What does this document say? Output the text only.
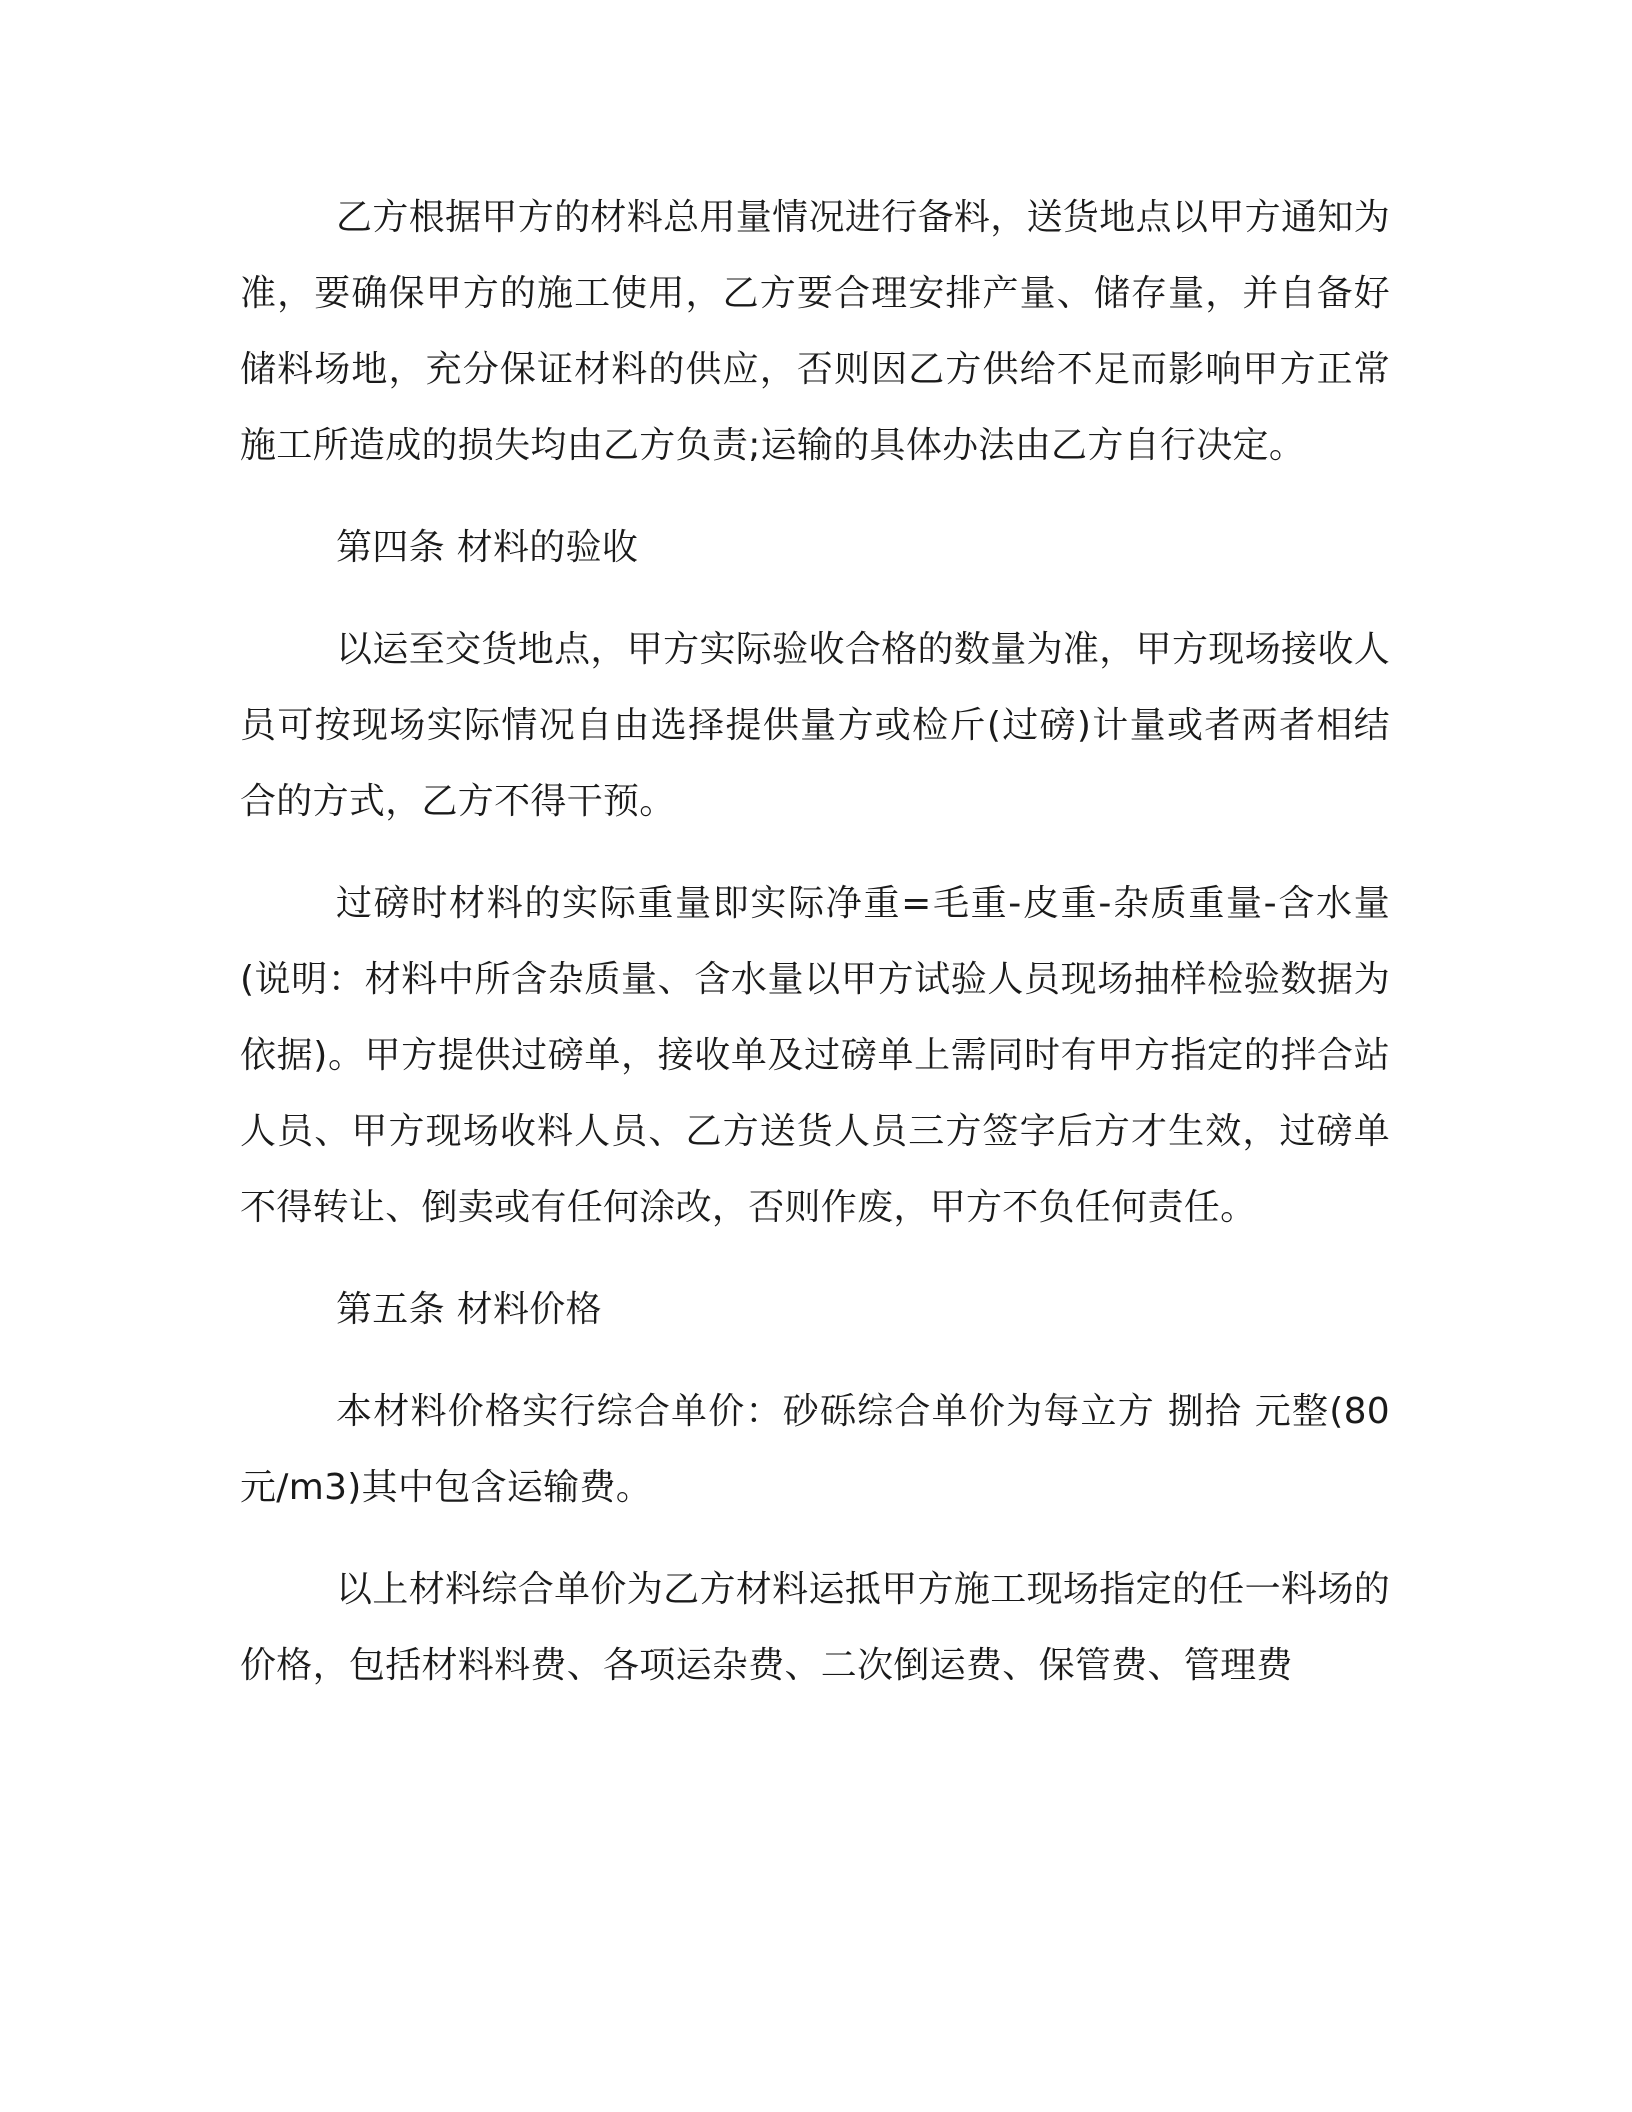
乙方根据甲方的材料总用量情况进行备料，送货地点以甲方通知为准，要确保甲方的施工使用，乙方要合理安排产量、储存量，并自备好储料场地，充分保证材料的供应，否则因乙方供给不足而影响甲方正常施工所造成的损失均由乙方负责;运输的具体办法由乙方自行决定。

第四条 材料的验收

以运至交货地点，甲方实际验收合格的数量为准，甲方现场接收人员可按现场实际情况自由选择提供量方或检斤(过磅)计量或者两者相结合的方式，乙方不得干预。

过磅时材料的实际重量即实际净重=毛重-皮重-杂质重量-含水量(说明：材料中所含杂质量、含水量以甲方试验人员现场抽样检验数据为依据)。甲方提供过磅单，接收单及过磅单上需同时有甲方指定的拌合站人员、甲方现场收料人员、乙方送货人员三方签字后方才生效，过磅单不得转让、倒卖或有任何涂改，否则作废，甲方不负任何责任。

第五条 材料价格

本材料价格实行综合单价：砂砾综合单价为每立方 捌拾 元整(80元/m3)其中包含运输费。

以上材料综合单价为乙方材料运抵甲方施工现场指定的任一料场的价格，包括材料料费、各项运杂费、二次倒运费、保管费、管理费
